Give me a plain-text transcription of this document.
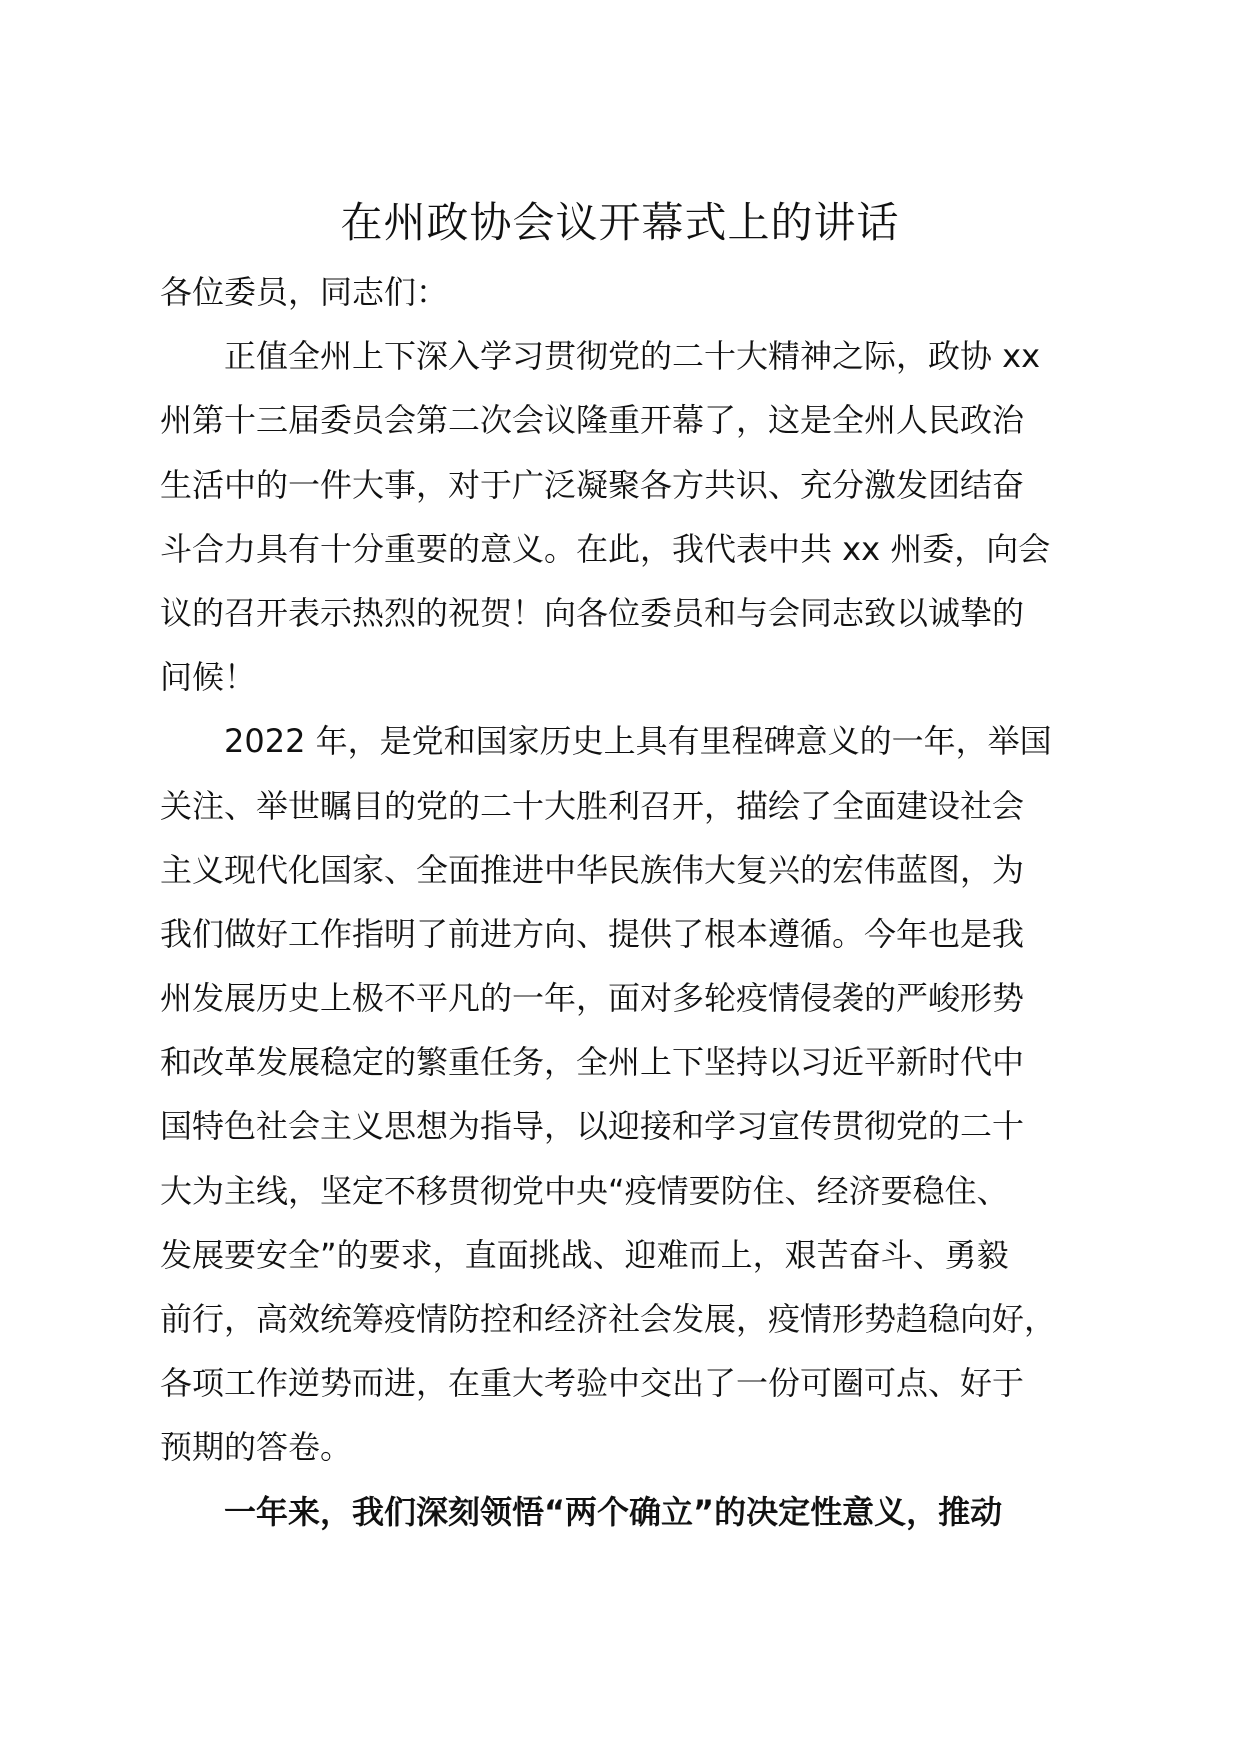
在州政协会议开幕式上的讲话
各位委员，同志们：
正值全州上下深入学习贯彻党的二十大精神之际，政协 xx
州第十三届委员会第二次会议隆重开幕了，这是全州人民政治
生活中的一件大事，对于广泛凝聚各方共识、充分激发团结奋
斗合力具有十分重要的意义。在此，我代表中共 xx 州委，向会
议的召开表示热烈的祝贺！向各位委员和与会同志致以诚挚的
问候！
2022 年，是党和国家历史上具有里程碑意义的一年，举国
关注、举世瞩目的党的二十大胜利召开，描绘了全面建设社会
主义现代化国家、全面推进中华民族伟大复兴的宏伟蓝图，为
我们做好工作指明了前进方向、提供了根本遵循。今年也是我
州发展历史上极不平凡的一年，面对多轮疫情侵袭的严峻形势
和改革发展稳定的繁重任务，全州上下坚持以习近平新时代中
国特色社会主义思想为指导，以迎接和学习宣传贯彻党的二十
大为主线，坚定不移贯彻党中央“疫情要防住、经济要稳住、
发展要安全”的要求，直面挑战、迎难而上，艰苦奋斗、勇毅
前行，高效统筹疫情防控和经济社会发展，疫情形势趋稳向好，
各项工作逆势而进，在重大考验中交出了一份可圈可点、好于
预期的答卷。
一年来，我们深刻领悟“两个确立”的决定性意义，推动
